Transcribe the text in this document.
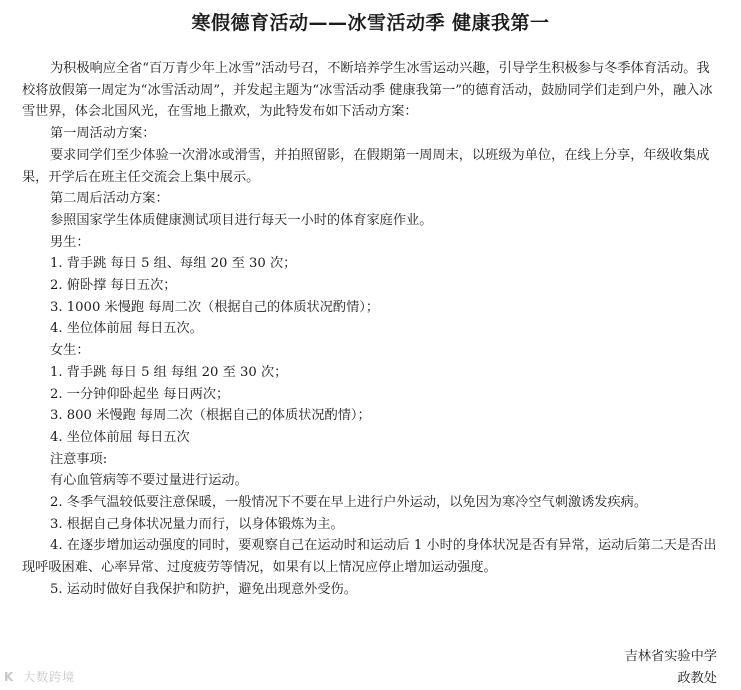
寒假德育活动——冰雪活动季 健康我第一

为积极响应全省“百万青少年上冰雪”活动号召，不断培养学生冰雪运动兴趣，引导学生积极参与冬季体育活动。我校将放假第一周定为“冰雪活动周”，并发起主题为“冰雪活动季 健康我第一”的德育活动，鼓励同学们走到户外，融入冰雪世界，体会北国风光，在雪地上撒欢，为此特发布如下活动方案：

第一周活动方案：

要求同学们至少体验一次滑冰或滑雪，并拍照留影，在假期第一周周末，以班级为单位，在线上分享，年级收集成果，开学后在班主任交流会上集中展示。

第二周后活动方案：

参照国家学生体质健康测试项目进行每天一小时的体育家庭作业。

男生：

1. 背手跳 每日 5 组、每组 20 至 30 次；

2. 俯卧撑 每日五次；

3. 1000 米慢跑 每周二次（根据自己的体质状况酌情）；

4. 坐位体前屈 每日五次。

女生：

1. 背手跳 每日 5 组 每组 20 至 30 次；

2. 一分钟仰卧起坐 每日两次；

3. 800 米慢跑 每周二次（根据自己的体质状况酌情）；

4. 坐位体前屈 每日五次

注意事项:

有心血管病等不要过量进行运动。

2. 冬季气温较低要注意保暖，一般情况下不要在早上进行户外运动，以免因为寒冷空气刺激诱发疾病。

3. 根据自己身体状况量力而行，以身体锻炼为主。

4. 在逐步增加运动强度的同时，要观察自己在运动时和运动后 1 小时的身体状况是否有异常，运动后第二天是否出现呼吸困难、心率异常、过度疲劳等情况，如果有以上情况应停止增加运动强度。

5. 运动时做好自我保护和防护，避免出现意外受伤。

吉林省实验中学
政教处
K 大数跨境
